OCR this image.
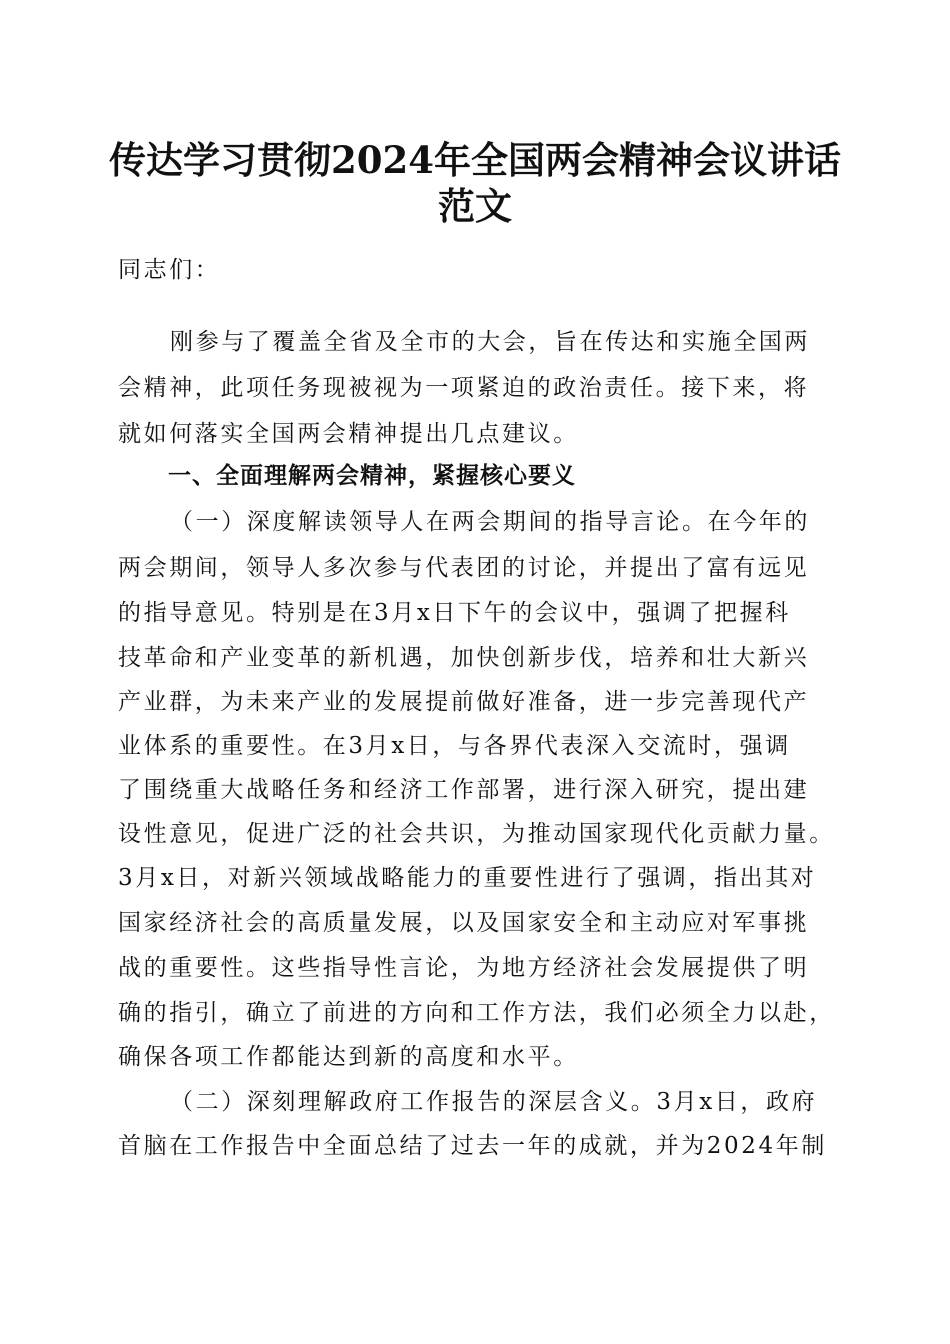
传达学习贯彻2024年全国两会精神会议讲话
范文

同志们：

刚参与了覆盖全省及全市的大会，旨在传达和实施全国两

会精神，此项任务现被视为一项紧迫的政治责任。接下来，将

就如何落实全国两会精神提出几点建议。

一、全面理解两会精神，紧握核心要义

（一）深度解读领导人在两会期间的指导言论。在今年的

两会期间，领导人多次参与代表团的讨论，并提出了富有远见

的指导意见。特别是在3月x日下午的会议中，强调了把握科

技革命和产业变革的新机遇，加快创新步伐，培养和壮大新兴

产业群，为未来产业的发展提前做好准备，进一步完善现代产

业体系的重要性。在3月x日，与各界代表深入交流时，强调

了围绕重大战略任务和经济工作部署，进行深入研究，提出建

设性意见，促进广泛的社会共识，为推动国家现代化贡献力量。

3月x日，对新兴领域战略能力的重要性进行了强调，指出其对

国家经济社会的高质量发展，以及国家安全和主动应对军事挑

战的重要性。这些指导性言论，为地方经济社会发展提供了明

确的指引，确立了前进的方向和工作方法，我们必须全力以赴，

确保各项工作都能达到新的高度和水平。

（二）深刻理解政府工作报告的深层含义。3月x日，政府

首脑在工作报告中全面总结了过去一年的成就，并为2024年制
